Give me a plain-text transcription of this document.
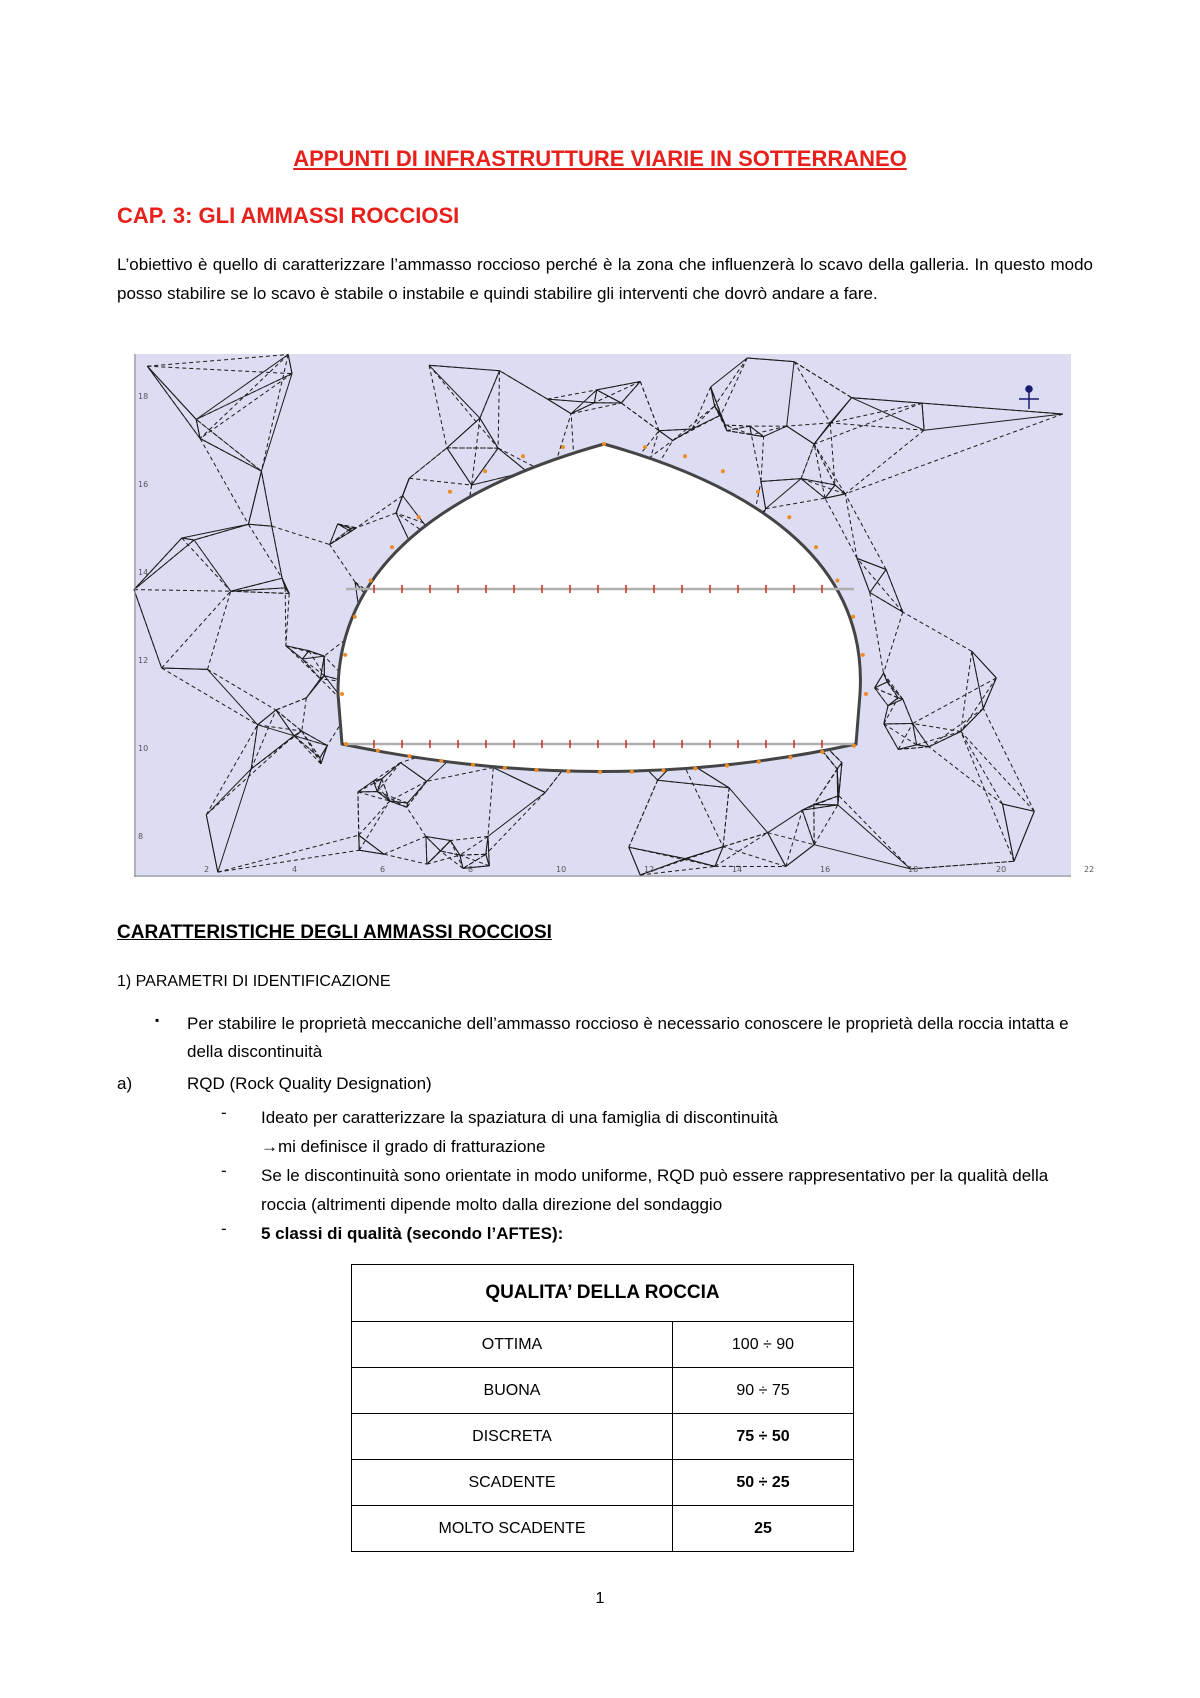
APPUNTI DI INFRASTRUTTURE VIARIE IN SOTTERRANEO
CAP. 3: GLI AMMASSI ROCCIOSI
L’obiettivo è quello di caratterizzare l’ammasso roccioso perché è la zona che influenzerà lo scavo della galleria. In questo modo posso stabilire se lo scavo è stabile o instabile e quindi stabilire gli interventi che dovrò andare a fare.
2	4	6	8	10	12	14	16	18	20	22
18
16
14
12
10
8
CARATTERISTICHE DEGLI AMMASSI ROCCIOSI
1) PARAMETRI DI IDENTIFICAZIONE
▪ Per stabilire le proprietà meccaniche dell’ammasso roccioso è necessario conoscere le proprietà della roccia intatta e della discontinuità
a)	RQD (Rock Quality Designation)
- Ideato per caratterizzare la spaziatura di una famiglia di discontinuità
→mi definisce il grado di fratturazione
- Se le discontinuità sono orientate in modo uniforme, RQD può essere rappresentativo per la qualità della roccia (altrimenti dipende molto dalla direzione del sondaggio
- 5 classi di qualità (secondo l’AFTES):
QUALITA’ DELLA ROCCIA	
OTTIMA	100 ÷ 90
BUONA	90 ÷ 75
DISCRETA	75 ÷ 50
SCADENTE	50 ÷ 25
MOLTO SCADENTE	25
1
